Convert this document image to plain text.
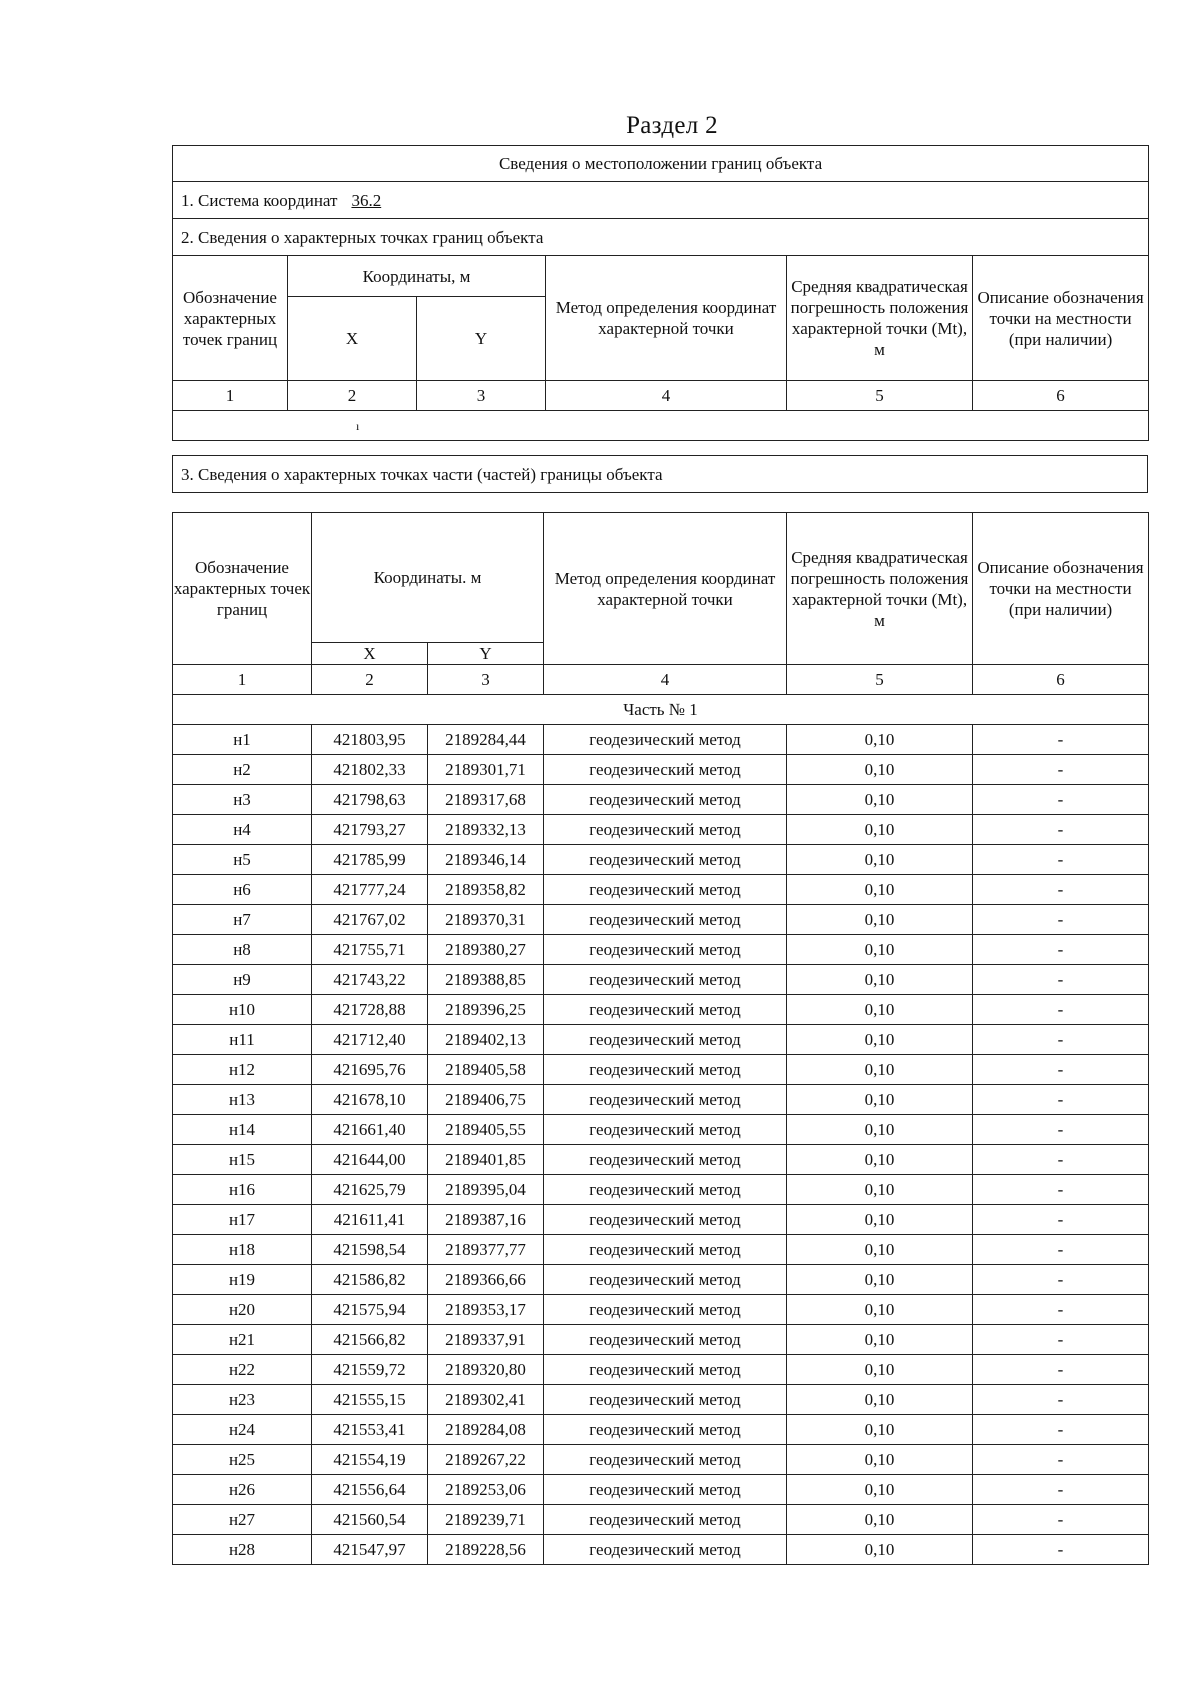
Раздел 2
Сведения о местоположении границ объекта					
1. Система координат 36.2					
2. Сведения о характерных точках границ объекта					
Обозначение характерных точек границ	Координаты, м		Метод определения координат характерной точки	Средняя квадратическая погрешность положения характерной точки (Mt), м	Описание обозначения точки на местности (при наличии)
	X	Y			
1	2	3	4	5	6
ı					
3. Сведения о характерных точках части (частей) границы объекта
Обозначение характерных точек границ	Координаты. м		Метод определения координат характерной точки	Средняя квадратическая погрешность положения характерной точки (Mt), м	Описание обозначения точки на местности (при наличии)
	X	Y			
1	2	3	4	5	6
Часть № 1					
н1	421803,95	2189284,44	геодезический метод	0,10	-
н2	421802,33	2189301,71	геодезический метод	0,10	-
н3	421798,63	2189317,68	геодезический метод	0,10	-
н4	421793,27	2189332,13	геодезический метод	0,10	-
н5	421785,99	2189346,14	геодезический метод	0,10	-
н6	421777,24	2189358,82	геодезический метод	0,10	-
н7	421767,02	2189370,31	геодезический метод	0,10	-
н8	421755,71	2189380,27	геодезический метод	0,10	-
н9	421743,22	2189388,85	геодезический метод	0,10	-
н10	421728,88	2189396,25	геодезический метод	0,10	-
н11	421712,40	2189402,13	геодезический метод	0,10	-
н12	421695,76	2189405,58	геодезический метод	0,10	-
н13	421678,10	2189406,75	геодезический метод	0,10	-
н14	421661,40	2189405,55	геодезический метод	0,10	-
н15	421644,00	2189401,85	геодезический метод	0,10	-
н16	421625,79	2189395,04	геодезический метод	0,10	-
н17	421611,41	2189387,16	геодезический метод	0,10	-
н18	421598,54	2189377,77	геодезический метод	0,10	-
н19	421586,82	2189366,66	геодезический метод	0,10	-
н20	421575,94	2189353,17	геодезический метод	0,10	-
н21	421566,82	2189337,91	геодезический метод	0,10	-
н22	421559,72	2189320,80	геодезический метод	0,10	-
н23	421555,15	2189302,41	геодезический метод	0,10	-
н24	421553,41	2189284,08	геодезический метод	0,10	-
н25	421554,19	2189267,22	геодезический метод	0,10	-
н26	421556,64	2189253,06	геодезический метод	0,10	-
н27	421560,54	2189239,71	геодезический метод	0,10	-
н28	421547,97	2189228,56	геодезический метод	0,10	-
